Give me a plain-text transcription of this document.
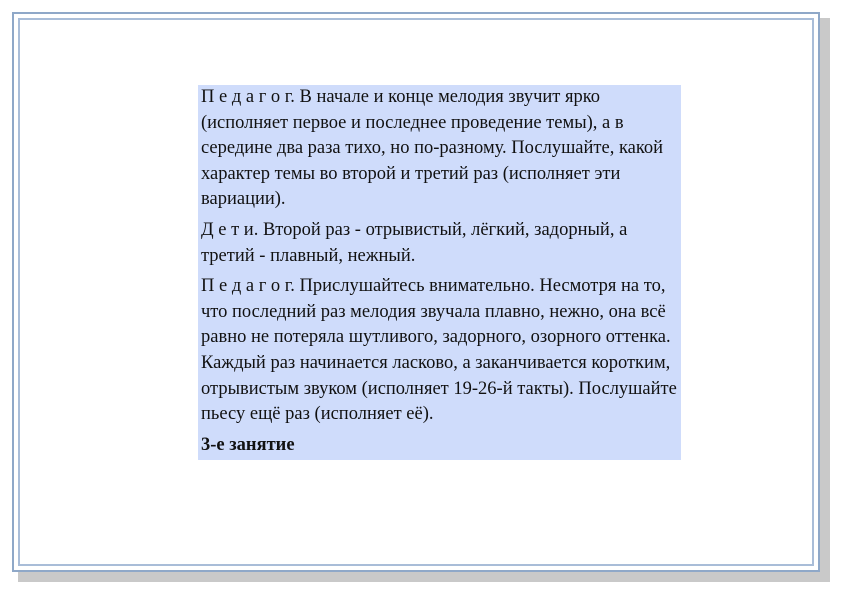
П е д а г о г. В начале и конце мелодия звучит ярко (исполняет первое и последнее проведение темы), а в середине два раза тихо, но по-разному. Послушайте, какой характер темы во второй и третий раз (исполняет эти вариации).

Д е т и. Второй раз - отрывистый, лёгкий, задорный, а третий - плавный, нежный.

П е д а г о г. Прислушайтесь внимательно. Несмотря на то, что последний раз мелодия звучала плавно, нежно, она всё равно не потеряла шутливого, задорного, озорного оттенка. Каждый раз начинается ласково, а заканчивается коротким, отрывистым звуком (исполняет 19-26-й такты). Послушайте пьесу ещё раз (исполняет её).

3-е занятие
